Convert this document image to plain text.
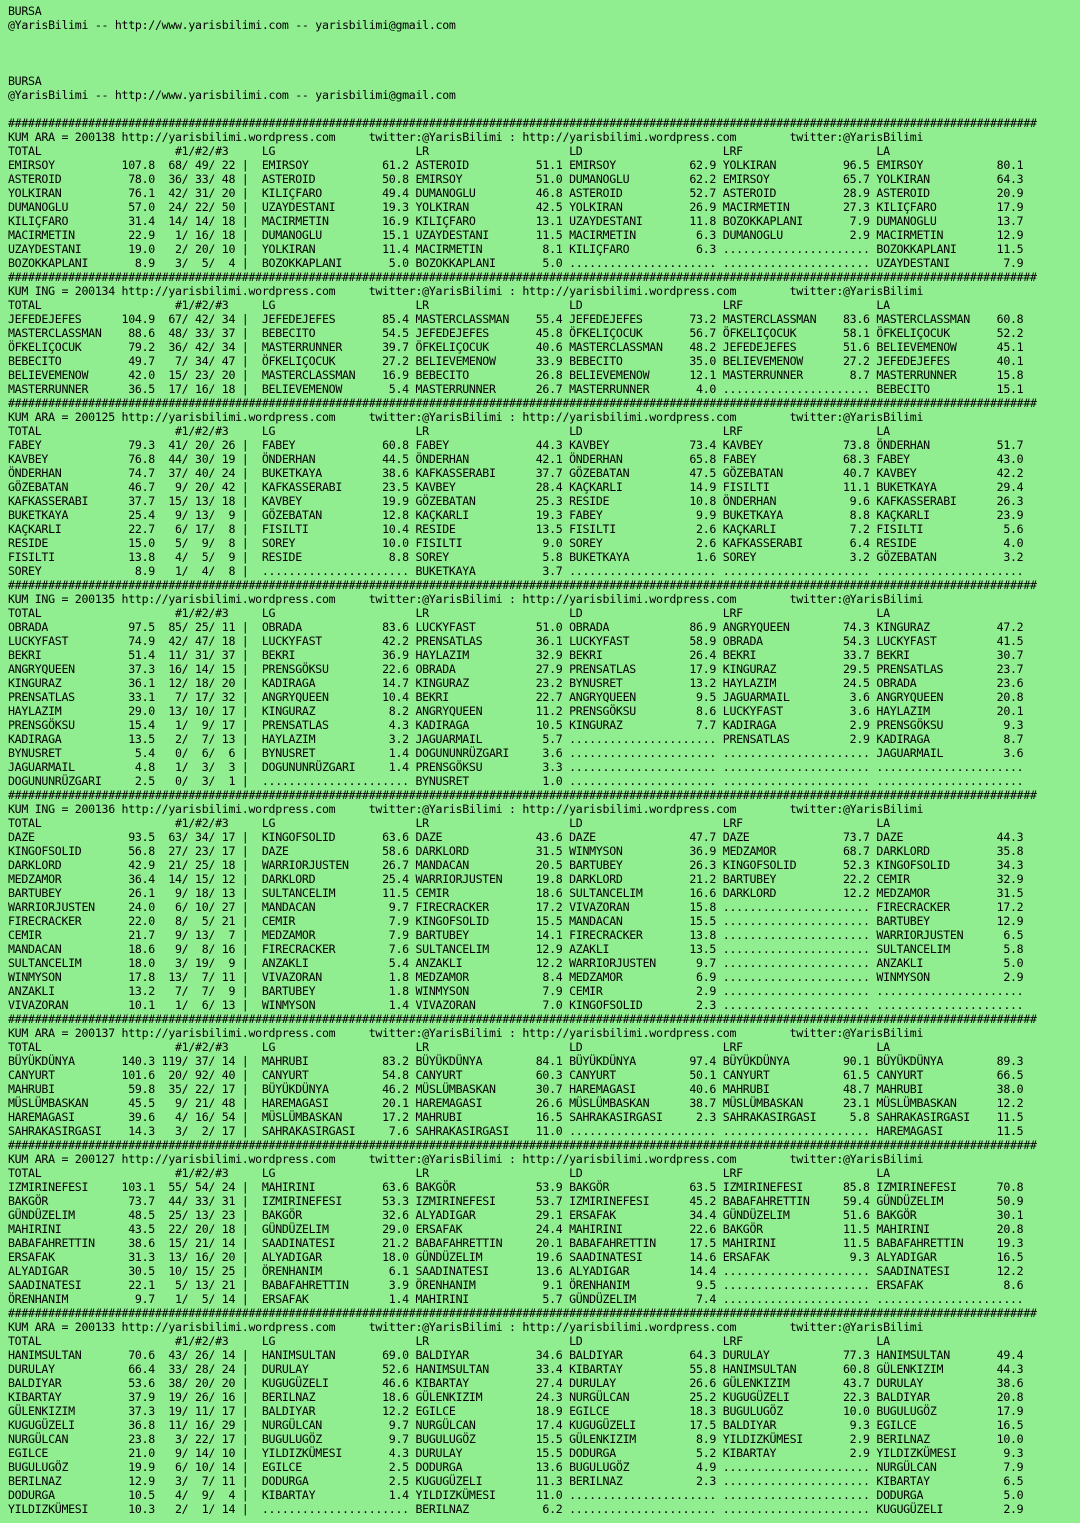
BURSA
@YarisBilimi -- http://www.yarisbilimi.com -- yarisbilimi@gmail.com
BURSA
@YarisBilimi -- http://www.yarisbilimi.com -- yarisbilimi@gmail.com
##########################################################################################################################################################
KUM ARA = 200138 http://yarisbilimi.wordpress.com     twitter:@YarisBilimi : http://yarisbilimi.wordpress.com        twitter:@YarisBilimi
TOTAL                    #1/#2/#3     LG                     LR                     LD                     LRF                    LA
EMIRSOY          107.8  68/ 49/ 22 |  EMIRSOY           61.2 ASTEROID          51.1 EMIRSOY           62.9 YOLKIRAN          96.5 EMIRSOY           80.1
ASTEROID          78.0  36/ 33/ 48 |  ASTEROID          50.8 EMIRSOY           51.0 DUMANOGLU         62.2 EMIRSOY           65.7 YOLKIRAN          64.3
YOLKIRAN          76.1  42/ 31/ 20 |  KILIÇFARO         49.4 DUMANOGLU         46.8 ASTEROID          52.7 ASTEROID          28.9 ASTEROID          20.9
DUMANOGLU         57.0  24/ 22/ 50 |  UZAYDESTANI       19.3 YOLKIRAN          42.5 YOLKIRAN          26.9 MACIRMETIN        27.3 KILIÇFARO         17.9
KILIÇFARO         31.4  14/ 14/ 18 |  MACIRMETIN        16.9 KILIÇFARO         13.1 UZAYDESTANI       11.8 BOZOKKAPLANI       7.9 DUMANOGLU         13.7
MACIRMETIN        22.9   1/ 16/ 18 |  DUMANOGLU         15.1 UZAYDESTANI       11.5 MACIRMETIN         6.3 DUMANOGLU          2.9 MACIRMETIN        12.9
UZAYDESTANI       19.0   2/ 20/ 10 |  YOLKIRAN          11.4 MACIRMETIN         8.1 KILIÇFARO          6.3 ...................... BOZOKKAPLANI      11.5
BOZOKKAPLANI       8.9   3/  5/  4 |  BOZOKKAPLANI       5.0 BOZOKKAPLANI       5.0 ...................... ...................... UZAYDESTANI        7.9
##########################################################################################################################################################
KUM ING = 200134 http://yarisbilimi.wordpress.com     twitter:@YarisBilimi : http://yarisbilimi.wordpress.com        twitter:@YarisBilimi
TOTAL                    #1/#2/#3     LG                     LR                     LD                     LRF                    LA
JEFEDEJEFES      104.9  67/ 42/ 34 |  JEFEDEJEFES       85.4 MASTERCLASSMAN    55.4 JEFEDEJEFES       73.2 MASTERCLASSMAN    83.6 MASTERCLASSMAN    60.8
MASTERCLASSMAN    88.6  48/ 33/ 37 |  BEBECITO          54.5 JEFEDEJEFES       45.8 ÖFKELIÇOCUK       56.7 ÖFKELIÇOCUK       58.1 ÖFKELIÇOCUK       52.2
ÖFKELIÇOCUK       79.2  36/ 42/ 34 |  MASTERRUNNER      39.7 ÖFKELIÇOCUK       40.6 MASTERCLASSMAN    48.2 JEFEDEJEFES       51.6 BELIEVEMENOW      45.1
BEBECITO          49.7   7/ 34/ 47 |  ÖFKELIÇOCUK       27.2 BELIEVEMENOW      33.9 BEBECITO          35.0 BELIEVEMENOW      27.2 JEFEDEJEFES       40.1
BELIEVEMENOW      42.0  15/ 23/ 20 |  MASTERCLASSMAN    16.9 BEBECITO          26.8 BELIEVEMENOW      12.1 MASTERRUNNER       8.7 MASTERRUNNER      15.8
MASTERRUNNER      36.5  17/ 16/ 18 |  BELIEVEMENOW       5.4 MASTERRUNNER      26.7 MASTERRUNNER       4.0 ...................... BEBECITO          15.1
##########################################################################################################################################################
KUM ARA = 200125 http://yarisbilimi.wordpress.com     twitter:@YarisBilimi : http://yarisbilimi.wordpress.com        twitter:@YarisBilimi
TOTAL                    #1/#2/#3     LG                     LR                     LD                     LRF                    LA
FABEY             79.3  41/ 20/ 26 |  FABEY             60.8 FABEY             44.3 KAVBEY            73.4 KAVBEY            73.8 ÖNDERHAN          51.7
KAVBEY            76.8  44/ 30/ 19 |  ÖNDERHAN          44.5 ÖNDERHAN          42.1 ÖNDERHAN          65.8 FABEY             68.3 FABEY             43.0
ÖNDERHAN          74.7  37/ 40/ 24 |  BUKETKAYA         38.6 KAFKASSERABI      37.7 GÖZEBATAN         47.5 GÖZEBATAN         40.7 KAVBEY            42.2
GÖZEBATAN         46.7   9/ 20/ 42 |  KAFKASSERABI      23.5 KAVBEY            28.4 KAÇKARLI          14.9 FISILTI           11.1 BUKETKAYA         29.4
KAFKASSERABI      37.7  15/ 13/ 18 |  KAVBEY            19.9 GÖZEBATAN         25.3 RESIDE            10.8 ÖNDERHAN           9.6 KAFKASSERABI      26.3
BUKETKAYA         25.4   9/ 13/  9 |  GÖZEBATAN         12.8 KAÇKARLI          19.3 FABEY              9.9 BUKETKAYA          8.8 KAÇKARLI          23.9
KAÇKARLI          22.7   6/ 17/  8 |  FISILTI           10.4 RESIDE            13.5 FISILTI            2.6 KAÇKARLI           7.2 FISILTI            5.6
RESIDE            15.0   5/  9/  8 |  SOREY             10.0 FISILTI            9.0 SOREY              2.6 KAFKASSERABI       6.4 RESIDE             4.0
FISILTI           13.8   4/  5/  9 |  RESIDE             8.8 SOREY              5.8 BUKETKAYA          1.6 SOREY              3.2 GÖZEBATAN          3.2
SOREY              8.9   1/  4/  8 |  ...................... BUKETKAYA          3.7 ...................... ...................... ......................
##########################################################################################################################################################
KUM ING = 200135 http://yarisbilimi.wordpress.com     twitter:@YarisBilimi : http://yarisbilimi.wordpress.com        twitter:@YarisBilimi
TOTAL                    #1/#2/#3     LG                     LR                     LD                     LRF                    LA
OBRADA            97.5  85/ 25/ 11 |  OBRADA            83.6 LUCKYFAST         51.0 OBRADA            86.9 ANGRYQUEEN        74.3 KINGURAZ          47.2
LUCKYFAST         74.9  42/ 47/ 18 |  LUCKYFAST         42.2 PRENSATLAS        36.1 LUCKYFAST         58.9 OBRADA            54.3 LUCKYFAST         41.5
BEKRI             51.4  11/ 31/ 37 |  BEKRI             36.9 HAYLAZIM          32.9 BEKRI             26.4 BEKRI             33.7 BEKRI             30.7
ANGRYQUEEN        37.3  16/ 14/ 15 |  PRENSGÖKSU        22.6 OBRADA            27.9 PRENSATLAS        17.9 KINGURAZ          29.5 PRENSATLAS        23.7
KINGURAZ          36.1  12/ 18/ 20 |  KADIRAGA          14.7 KINGURAZ          23.2 BYNUSRET          13.2 HAYLAZIM          24.5 OBRADA            23.6
PRENSATLAS        33.1   7/ 17/ 32 |  ANGRYQUEEN        10.4 BEKRI             22.7 ANGRYQUEEN         9.5 JAGUARMAIL         3.6 ANGRYQUEEN        20.8
HAYLAZIM          29.0  13/ 10/ 17 |  KINGURAZ           8.2 ANGRYQUEEN        11.2 PRENSGÖKSU         8.6 LUCKYFAST          3.6 HAYLAZIM          20.1
PRENSGÖKSU        15.4   1/  9/ 17 |  PRENSATLAS         4.3 KADIRAGA          10.5 KINGURAZ           7.7 KADIRAGA           2.9 PRENSGÖKSU         9.3
KADIRAGA          13.5   2/  7/ 13 |  HAYLAZIM           3.2 JAGUARMAIL         5.7 ...................... PRENSATLAS         2.9 KADIRAGA           8.7
BYNUSRET           5.4   0/  6/  6 |  BYNUSRET           1.4 DOGUNUNRÜZGARI     3.6 ...................... ...................... JAGUARMAIL         3.6
JAGUARMAIL         4.8   1/  3/  3 |  DOGUNUNRÜZGARI     1.4 PRENSGÖKSU         3.3 ...................... ...................... ......................
DOGUNUNRÜZGARI     2.5   0/  3/  1 |  ...................... BYNUSRET           1.0 ...................... ...................... ......................
##########################################################################################################################################################
KUM ING = 200136 http://yarisbilimi.wordpress.com     twitter:@YarisBilimi : http://yarisbilimi.wordpress.com        twitter:@YarisBilimi
TOTAL                    #1/#2/#3     LG                     LR                     LD                     LRF                    LA
DAZE              93.5  63/ 34/ 17 |  KINGOFSOLID       63.6 DAZE              43.6 DAZE              47.7 DAZE              73.7 DAZE              44.3
KINGOFSOLID       56.8  27/ 23/ 17 |  DAZE              58.6 DARKLORD          31.5 WINMYSON          36.9 MEDZAMOR          68.7 DARKLORD          35.8
DARKLORD          42.9  21/ 25/ 18 |  WARRIORJUSTEN     26.7 MANDACAN          20.5 BARTUBEY          26.3 KINGOFSOLID       52.3 KINGOFSOLID       34.3
MEDZAMOR          36.4  14/ 15/ 12 |  DARKLORD          25.4 WARRIORJUSTEN     19.8 DARKLORD          21.2 BARTUBEY          22.2 CEMIR             32.9
BARTUBEY          26.1   9/ 18/ 13 |  SULTANCELIM       11.5 CEMIR             18.6 SULTANCELIM       16.6 DARKLORD          12.2 MEDZAMOR          31.5
WARRIORJUSTEN     24.0   6/ 10/ 27 |  MANDACAN           9.7 FIRECRACKER       17.2 VIVAZORAN         15.8 ...................... FIRECRACKER       17.2
FIRECRACKER       22.0   8/  5/ 21 |  CEMIR              7.9 KINGOFSOLID       15.5 MANDACAN          15.5 ...................... BARTUBEY          12.9
CEMIR             21.7   9/ 13/  7 |  MEDZAMOR           7.9 BARTUBEY          14.1 FIRECRACKER       13.8 ...................... WARRIORJUSTEN      6.5
MANDACAN          18.6   9/  8/ 16 |  FIRECRACKER        7.6 SULTANCELIM       12.9 AZAKLI            13.5 ...................... SULTANCELIM        5.8
SULTANCELIM       18.0   3/ 19/  9 |  ANZAKLI            5.4 ANZAKLI           12.2 WARRIORJUSTEN      9.7 ...................... ANZAKLI            5.0
WINMYSON          17.8  13/  7/ 11 |  VIVAZORAN          1.8 MEDZAMOR           8.4 MEDZAMOR           6.9 ...................... WINMYSON           2.9
ANZAKLI           13.2   7/  7/  9 |  BARTUBEY           1.8 WINMYSON           7.9 CEMIR              2.9 ...................... ......................
VIVAZORAN         10.1   1/  6/ 13 |  WINMYSON           1.4 VIVAZORAN          7.0 KINGOFSOLID        2.3 ...................... ......................
##########################################################################################################################################################
KUM ARA = 200137 http://yarisbilimi.wordpress.com     twitter:@YarisBilimi : http://yarisbilimi.wordpress.com        twitter:@YarisBilimi
TOTAL                    #1/#2/#3     LG                     LR                     LD                     LRF                    LA
BÜYÜKDÜNYA       140.3 119/ 37/ 14 |  MAHRUBI           83.2 BÜYÜKDÜNYA        84.1 BÜYÜKDÜNYA        97.4 BÜYÜKDÜNYA        90.1 BÜYÜKDÜNYA        89.3
CANYURT          101.6  20/ 92/ 40 |  CANYURT           54.8 CANYURT           60.3 CANYURT           50.1 CANYURT           61.5 CANYURT           66.5
MAHRUBI           59.8  35/ 22/ 17 |  BÜYÜKDÜNYA        46.2 MÜSLÜMBASKAN      30.7 HAREMAGASI        40.6 MAHRUBI           48.7 MAHRUBI           38.0
MÜSLÜMBASKAN      45.5   9/ 21/ 48 |  HAREMAGASI        20.1 HAREMAGASI        26.6 MÜSLÜMBASKAN      38.7 MÜSLÜMBASKAN      23.1 MÜSLÜMBASKAN      12.2
HAREMAGASI        39.6   4/ 16/ 54 |  MÜSLÜMBASKAN      17.2 MAHRUBI           16.5 SAHRAKASIRGASI     2.3 SAHRAKASIRGASI     5.8 SAHRAKASIRGASI    11.5
SAHRAKASIRGASI    14.3   3/  2/ 17 |  SAHRAKASIRGASI     7.6 SAHRAKASIRGASI    11.0 ...................... ...................... HAREMAGASI        11.5
##########################################################################################################################################################
KUM ARA = 200127 http://yarisbilimi.wordpress.com     twitter:@YarisBilimi : http://yarisbilimi.wordpress.com        twitter:@YarisBilimi
TOTAL                    #1/#2/#3     LG                     LR                     LD                     LRF                    LA
IZMIRINEFESI     103.1  55/ 54/ 24 |  MAHIRINI          63.6 BAKGÖR            53.9 BAKGÖR            63.5 IZMIRINEFESI      85.8 IZMIRINEFESI      70.8
BAKGÖR            73.7  44/ 33/ 31 |  IZMIRINEFESI      53.3 IZMIRINEFESI      53.7 IZMIRINEFESI      45.2 BABAFAHRETTIN     59.4 GÜNDÜZELIM        50.9
GÜNDÜZELIM        48.5  25/ 13/ 23 |  BAKGÖR            32.6 ALYADIGAR         29.1 ERSAFAK           34.4 GÜNDÜZELIM        51.6 BAKGÖR            30.1
MAHIRINI          43.5  22/ 20/ 18 |  GÜNDÜZELIM        29.0 ERSAFAK           24.4 MAHIRINI          22.6 BAKGÖR            11.5 MAHIRINI          20.8
BABAFAHRETTIN     38.6  15/ 21/ 14 |  SAADINATESI       21.2 BABAFAHRETTIN     20.1 BABAFAHRETTIN     17.5 MAHIRINI          11.5 BABAFAHRETTIN     19.3
ERSAFAK           31.3  13/ 16/ 20 |  ALYADIGAR         18.0 GÜNDÜZELIM        19.6 SAADINATESI       14.6 ERSAFAK            9.3 ALYADIGAR         16.5
ALYADIGAR         30.5  10/ 15/ 25 |  ÖRENHANIM          6.1 SAADINATESI       13.6 ALYADIGAR         14.4 ...................... SAADINATESI       12.2
SAADINATESI       22.1   5/ 13/ 21 |  BABAFAHRETTIN      3.9 ÖRENHANIM          9.1 ÖRENHANIM          9.5 ...................... ERSAFAK            8.6
ÖRENHANIM          9.7   1/  5/ 14 |  ERSAFAK            1.4 MAHIRINI           5.7 GÜNDÜZELIM         7.4 ...................... ......................
##########################################################################################################################################################
KUM ARA = 200133 http://yarisbilimi.wordpress.com     twitter:@YarisBilimi : http://yarisbilimi.wordpress.com        twitter:@YarisBilimi
TOTAL                    #1/#2/#3     LG                     LR                     LD                     LRF                    LA
HANIMSULTAN       70.6  43/ 26/ 14 |  HANIMSULTAN       69.0 BALDIYAR          34.6 BALDIYAR          64.3 DURULAY           77.3 HANIMSULTAN       49.4
DURULAY           66.4  33/ 28/ 24 |  DURULAY           52.6 HANIMSULTAN       33.4 KIBARTAY          55.8 HANIMSULTAN       60.8 GÜLENKIZIM        44.3
BALDIYAR          53.6  38/ 20/ 20 |  KUGUGÜZELI        46.6 KIBARTAY          27.4 DURULAY           26.6 GÜLENKIZIM        43.7 DURULAY           38.6
KIBARTAY          37.9  19/ 26/ 16 |  BERILNAZ          18.6 GÜLENKIZIM        24.3 NURGÜLCAN         25.2 KUGUGÜZELI        22.3 BALDIYAR          20.8
GÜLENKIZIM        37.3  19/ 11/ 17 |  BALDIYAR          12.2 EGILCE            18.9 EGILCE            18.3 BUGULUGÖZ         10.0 BUGULUGÖZ         17.9
KUGUGÜZELI        36.8  11/ 16/ 29 |  NURGÜLCAN          9.7 NURGÜLCAN         17.4 KUGUGÜZELI        17.5 BALDIYAR           9.3 EGILCE            16.5
NURGÜLCAN         23.8   3/ 22/ 17 |  BUGULUGÖZ          9.7 BUGULUGÖZ         15.5 GÜLENKIZIM         8.9 YILDIZKÜMESI       2.9 BERILNAZ          10.0
EGILCE            21.0   9/ 14/ 10 |  YILDIZKÜMESI       4.3 DURULAY           15.5 DODURGA            5.2 KIBARTAY           2.9 YILDIZKÜMESI       9.3
BUGULUGÖZ         19.9   6/ 10/ 14 |  EGILCE             2.5 DODURGA           13.6 BUGULUGÖZ          4.9 ...................... NURGÜLCAN          7.9
BERILNAZ          12.9   3/  7/ 11 |  DODURGA            2.5 KUGUGÜZELI        11.3 BERILNAZ           2.3 ...................... KIBARTAY           6.5
DODURGA           10.5   4/  9/  4 |  KIBARTAY           1.4 YILDIZKÜMESI      11.0 ...................... ...................... DODURGA            5.0
YILDIZKÜMESI      10.3   2/  1/ 14 |  ...................... BERILNAZ           6.2 ...................... ...................... KUGUGÜZELI         2.9
